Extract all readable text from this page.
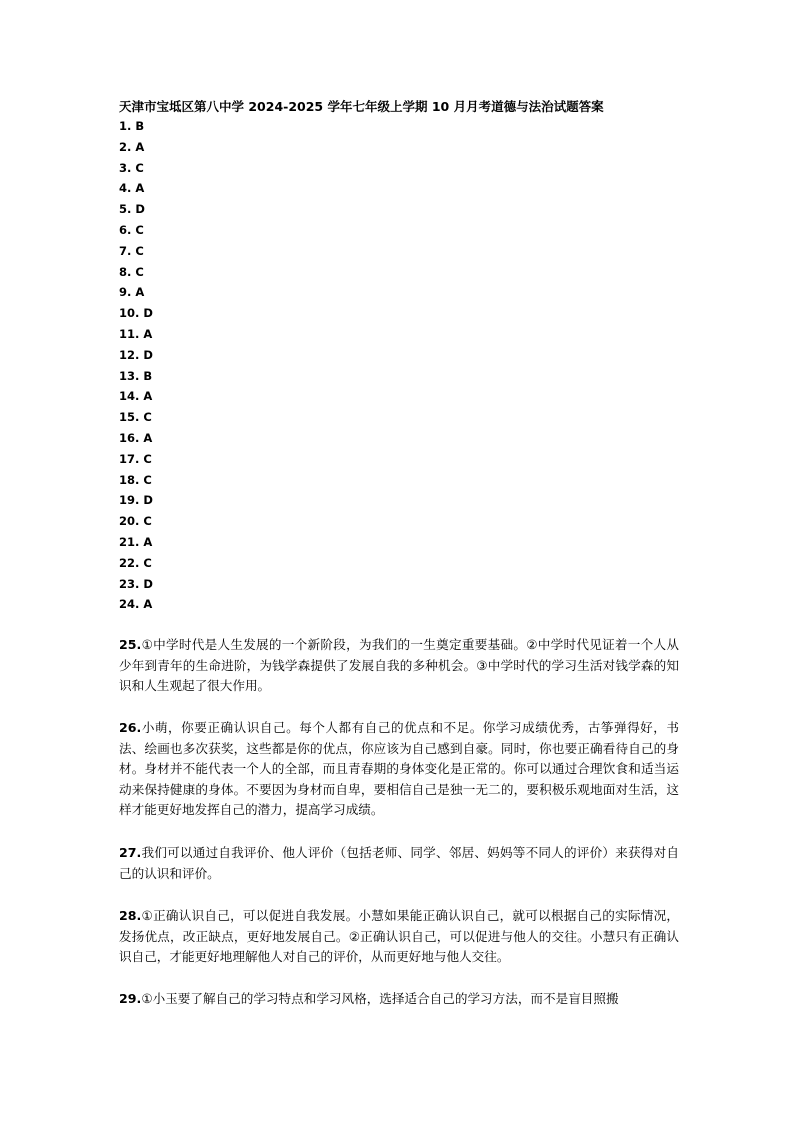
天津市宝坻区第八中学 2024-2025 学年七年级上学期 10 月月考道德与法治试题答案
1. B
2. A
3. C
4. A
5. D
6. C
7. C
8. C
9. A
10. D
11. A
12. D
13. B
14. A
15. C
16. A
17. C
18. C
19. D
20. C
21. A
22. C
23. D
24. A

25.①中学时代是人生发展的一个新阶段，为我们的一生奠定重要基础。②中学时代见证着一个人从少年到青年的生命进阶，为钱学森提供了发展自我的多种机会。③中学时代的学习生活对钱学森的知识和人生观起了很大作用。

26.小萌，你要正确认识自己。每个人都有自己的优点和不足。你学习成绩优秀，古筝弹得好，书法、绘画也多次获奖，这些都是你的优点，你应该为自己感到自豪。同时，你也要正确看待自己的身材。身材并不能代表一个人的全部，而且青春期的身体变化是正常的。你可以通过合理饮食和适当运动来保持健康的身体。不要因为身材而自卑，要相信自己是独一无二的，要积极乐观地面对生活，这样才能更好地发挥自己的潜力，提高学习成绩。

27.我们可以通过自我评价、他人评价（包括老师、同学、邻居、妈妈等不同人的评价）来获得对自己的认识和评价。

28.①正确认识自己，可以促进自我发展。小慧如果能正确认识自己，就可以根据自己的实际情况，发扬优点，改正缺点，更好地发展自己。②正确认识自己，可以促进与他人的交往。小慧只有正确认识自己，才能更好地理解他人对自己的评价，从而更好地与他人交往。

29.①小玉要了解自己的学习特点和学习风格，选择适合自己的学习方法，而不是盲目照搬
